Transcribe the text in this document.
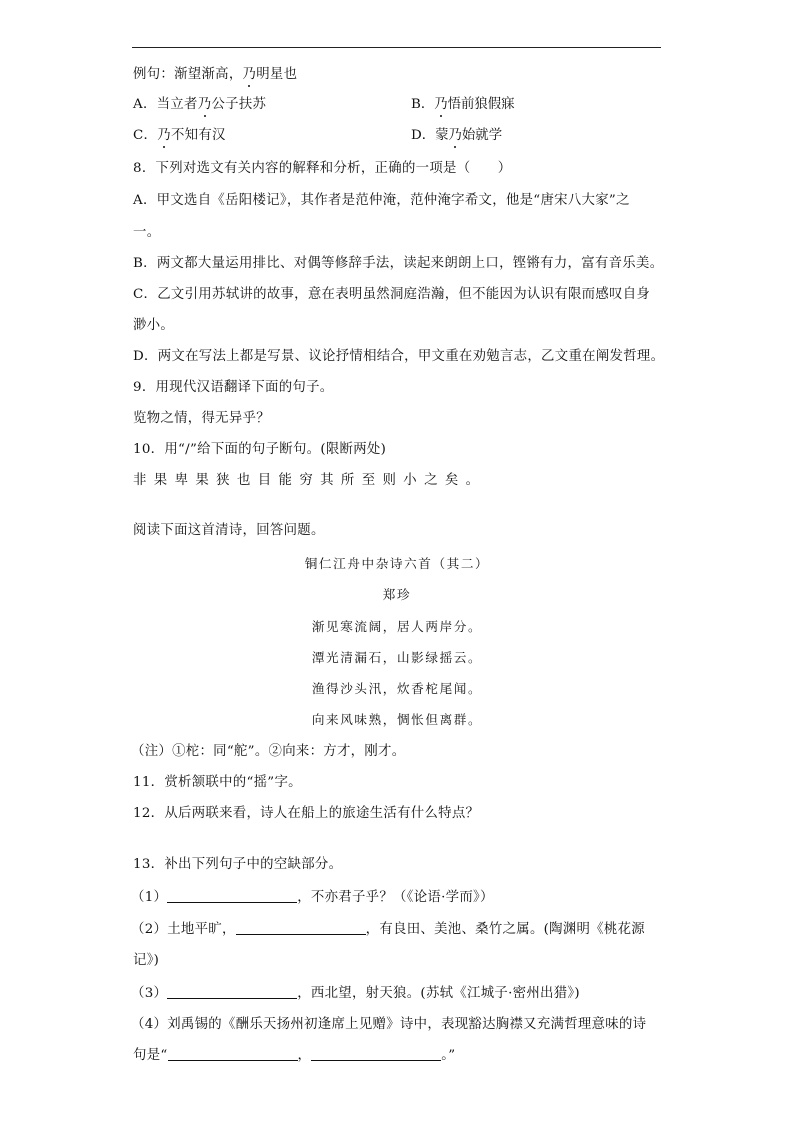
例句：渐望渐高，乃明星也
A．当立者乃公子扶苏	B．乃悟前狼假寐
C．乃不知有汉	D．蒙乃始就学
8．下列对选文有关内容的解释和分析，正确的一项是（　　）
A．甲文选自《岳阳楼记》，其作者是范仲淹，范仲淹字希文，他是“唐宋八大家”之
一。
B．两文都大量运用排比、对偶等修辞手法，读起来朗朗上口，铿锵有力，富有音乐美。
C．乙文引用苏轼讲的故事，意在表明虽然洞庭浩瀚，但不能因为认识有限而感叹自身
渺小。
D．两文在写法上都是写景、议论抒情相结合，甲文重在劝勉言志，乙文重在阐发哲理。
9．用现代汉语翻译下面的句子。
览物之情，得无异乎？
10．用“/”给下面的句子断句。(限断两处)
非果卑果狭也目能穷其所至则小之矣。
阅读下面这首清诗，回答问题。
铜仁江舟中杂诗六首（其二）
郑珍
渐见寒流阔，居人两岸分。
潭光清漏石，山影绿摇云。
渔得沙头汛，炊香柁尾闻。
向来风味熟，惆怅但离群。
（注）①柁：同“舵”。②向来：方才，刚才。
11．赏析颔联中的“摇”字。
12．从后两联来看，诗人在船上的旅途生活有什么特点？
13．补出下列句子中的空缺部分。
（1）	，不亦君子乎？（《论语·学而》）
（2）土地平旷，	，有良田、美池、桑竹之属。(陶渊明《桃花源
记》)
（3）	，西北望，射天狼。(苏轼《江城子·密州出猎》)
（4）刘禹锡的《酬乐天扬州初逢席上见赠》诗中，表现豁达胸襟又充满哲理意味的诗
句是“	，	。”
